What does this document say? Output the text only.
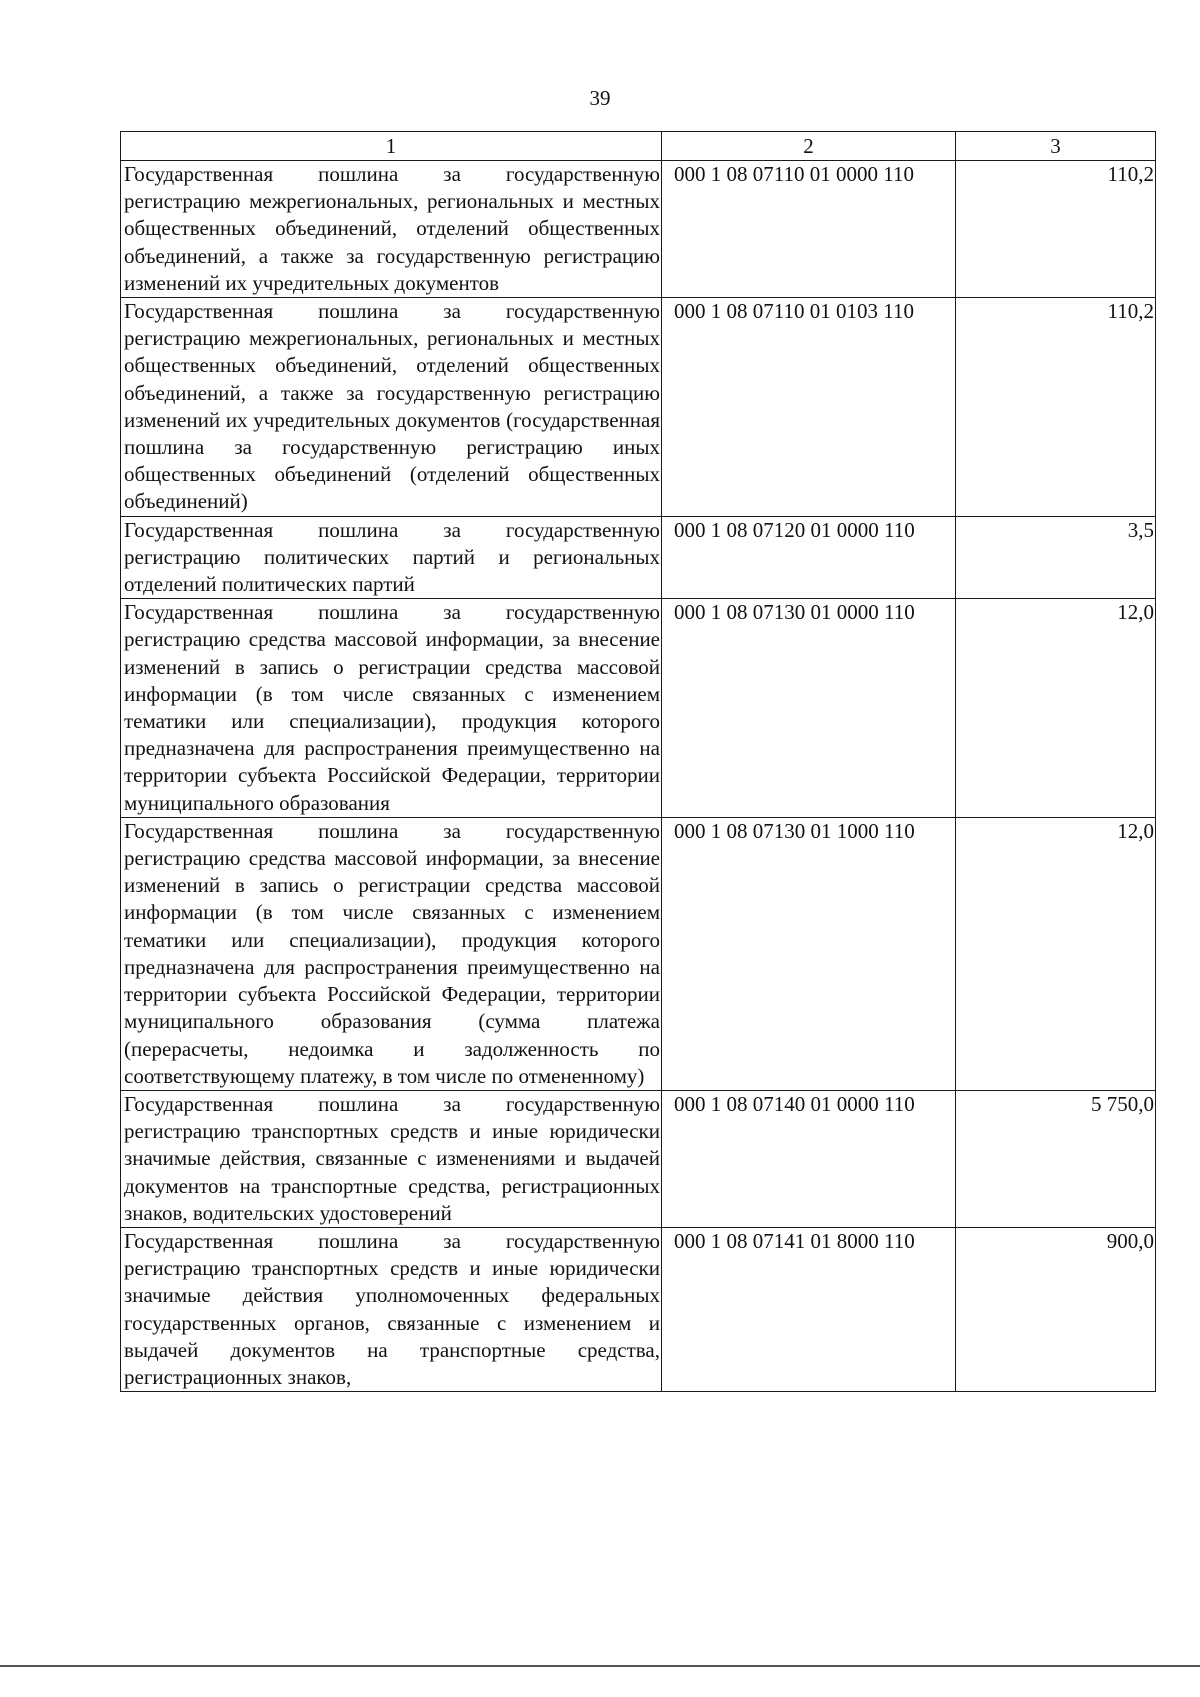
39
1	2	3
Государственная пошлина за государственную регистрацию межрегиональных, региональных и местных общественных объединений, отделений общественных объединений, а также за государственную регистрацию изменений их учредительных документов	000 1 08 07110 01 0000 110	110,2
Государственная пошлина за государственную регистрацию межрегиональных, региональных и местных общественных объединений, отделений общественных объединений, а также за государственную регистрацию изменений их учредительных документов (государственная пошлина за государственную регистрацию иных общественных объединений (отделений общественных объединений)	000 1 08 07110 01 0103 110	110,2
Государственная пошлина за государственную регистрацию политических партий и региональных отделений политических партий	000 1 08 07120 01 0000 110	3,5
Государственная пошлина за государственную регистрацию средства массовой информации, за внесение изменений в запись о регистрации средства массовой информации (в том числе связанных с изменением тематики или специализации), продукция которого предназначена для распространения преимущественно на территории субъекта Российской Федерации, территории муниципального образования	000 1 08 07130 01 0000 110	12,0
Государственная пошлина за государственную регистрацию средства массовой информации, за внесение изменений в запись о регистрации средства массовой информации (в том числе связанных с изменением тематики или специализации), продукция которого предназначена для распространения преимущественно на территории субъекта Российской Федерации, территории муниципального образования (сумма платежа (перерасчеты, недоимка и задолженность по соответствующему платежу, в том числе по отмененному)	000 1 08 07130 01 1000 110	12,0
Государственная пошлина за государственную регистрацию транспортных средств и иные юридически значимые действия, связанные с изменениями и выдачей документов на транспортные средства, регистрационных знаков, водительских удостоверений	000 1 08 07140 01 0000 110	5 750,0
Государственная пошлина за государственную регистрацию транспортных средств и иные юридически значимые действия уполномоченных федеральных государственных органов, связанные с изменением и выдачей документов на транспортные средства, регистрационных знаков,	000 1 08 07141 01 8000 110	900,0
